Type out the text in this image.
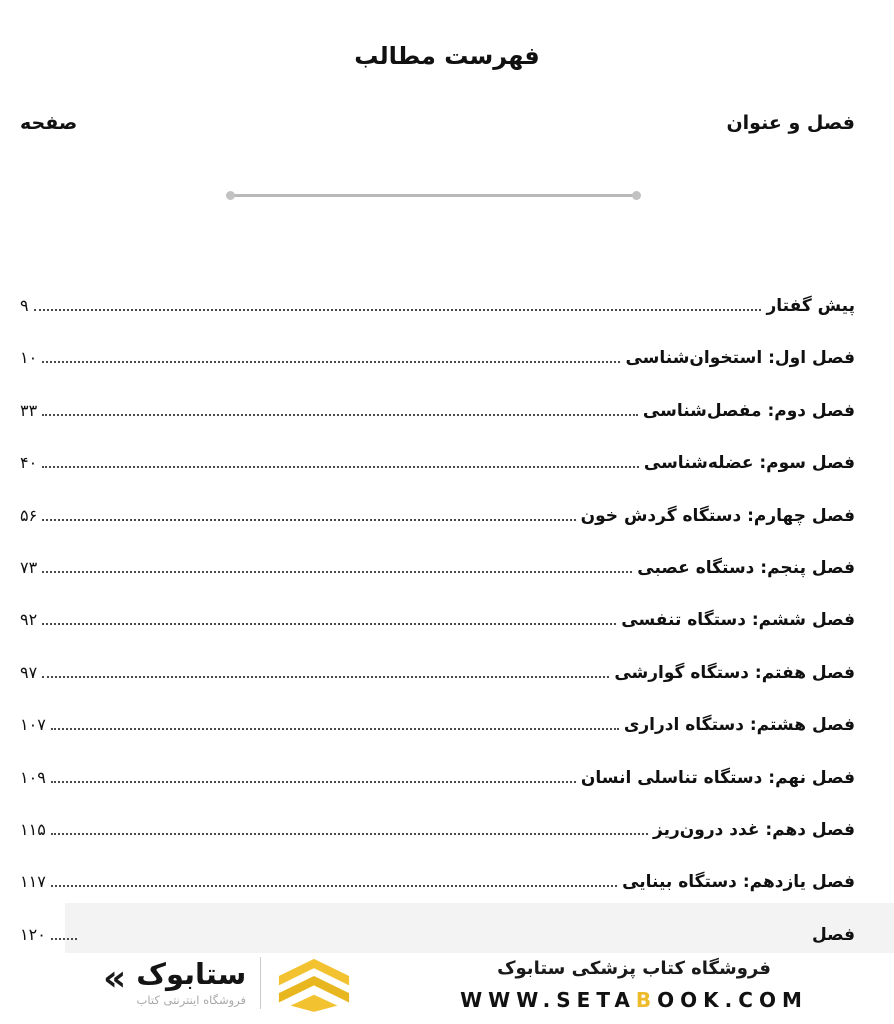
فهرست مطالب
فصل و عنوان
صفحه
پیش گفتار
۹
فصل اول: استخوان‌شناسی
۱۰
فصل دوم: مفصل‌شناسی
۳۳
فصل سوم: عضله‌شناسی
۴۰
فصل چهارم: دستگاه گردش خون
۵۶
فصل پنجم: دستگاه عصبی
۷۳
فصل ششم: دستگاه تنفسی
۹۲
فصل هفتم: دستگاه گوارشی
۹۷
فصل هشتم: دستگاه ادراری
۱۰۷
فصل نهم: دستگاه تناسلی انسان
۱۰۹
فصل دهم: غدد درون‌ریز
۱۱۵
فصل یازدهم: دستگاه بینایی
۱۱۷
فصل
۱۲۰
« ستابوک
فروشگاه اینترنتی کتاب
فروشگاه کتاب پزشکی ستابوک
WWW.SETABOOK.COM
